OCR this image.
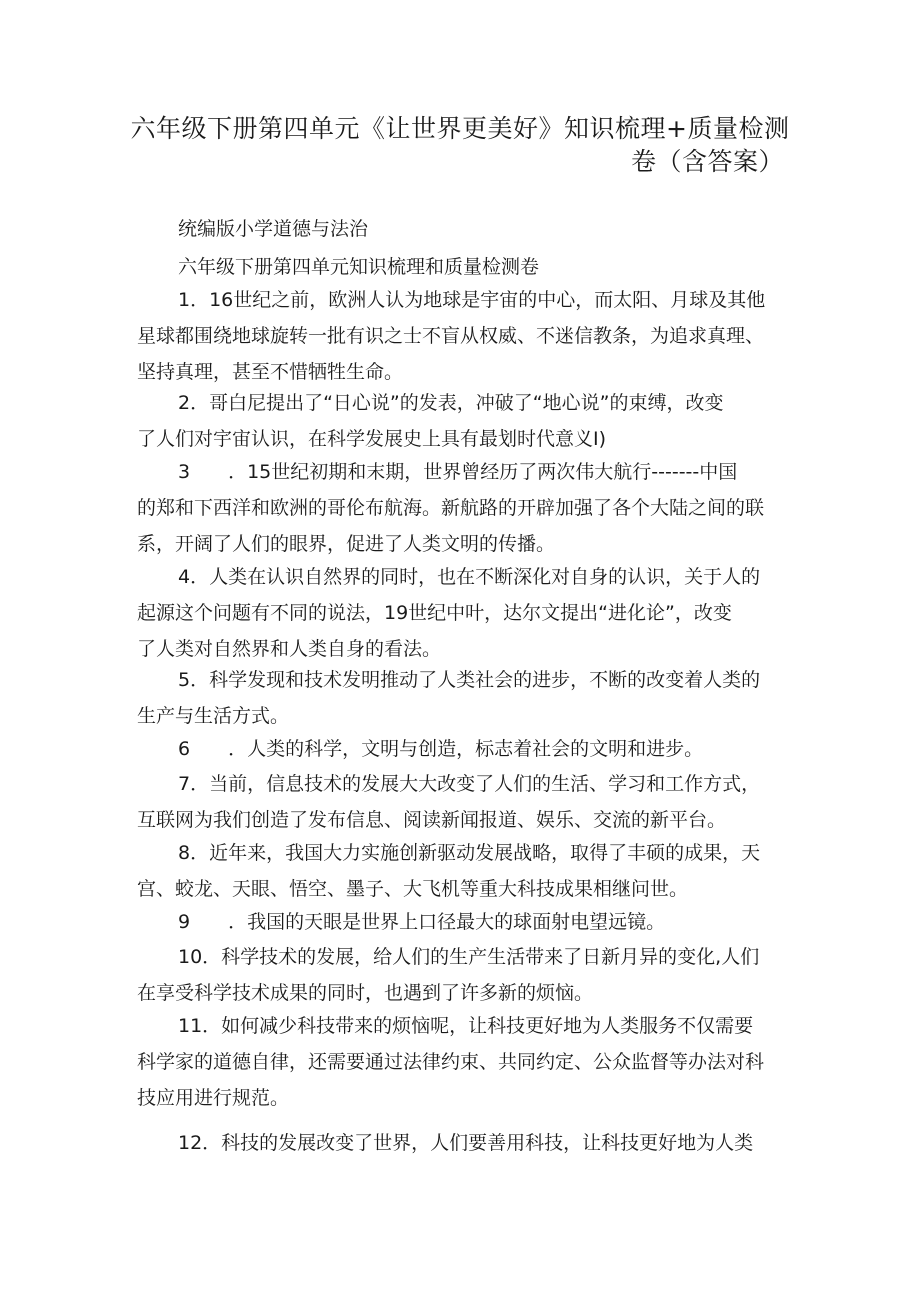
六年级下册第四单元《让世界更美好》知识梳理+质量检测
卷（含答案）
统编版小学道德与法治
六年级下册第四单元知识梳理和质量检测卷
1．16世纪之前，欧洲人认为地球是宇宙的中心，而太阳、月球及其他
星球都围绕地球旋转一批有识之士不盲从权威、不迷信教条，为追求真理、
坚持真理，甚至不惜牺牲生命。
2．哥白尼提出了“日心说”的发表，冲破了“地心说”的束缚，改变
了人们对宇宙认识，在科学发展史上具有最划时代意义I)
3　　．15世纪初期和末期，世界曾经历了两次伟大航行-------中国
的郑和下西洋和欧洲的哥伦布航海。新航路的开辟加强了各个大陆之间的联
系，开阔了人们的眼界，促进了人类文明的传播。
4．人类在认识自然界的同时，也在不断深化对自身的认识，关于人的
起源这个问题有不同的说法，19世纪中叶，达尔文提出“进化论”，改变
了人类对自然界和人类自身的看法。
5．科学发现和技术发明推动了人类社会的进步，不断的改变着人类的
生产与生活方式。
6　　．人类的科学，文明与创造，标志着社会的文明和进步。
7．当前，信息技术的发展大大改变了人们的生活、学习和工作方式，
互联网为我们创造了发布信息、阅读新闻报道、娱乐、交流的新平台。
8．近年来，我国大力实施创新驱动发展战略，取得了丰硕的成果，天
宫、蛟龙、天眼、悟空、墨子、大飞机等重大科技成果相继问世。
9　　．我国的天眼是世界上口径最大的球面射电望远镜。
10．科学技术的发展，给人们的生产生活带来了日新月异的变化,人们
在享受科学技术成果的同时，也遇到了许多新的烦恼。
11．如何减少科技带来的烦恼呢，让科技更好地为人类服务不仅需要
科学家的道德自律，还需要通过法律约束、共同约定、公众监督等办法对科
技应用进行规范。
12．科技的发展改变了世界，人们要善用科技，让科技更好地为人类
